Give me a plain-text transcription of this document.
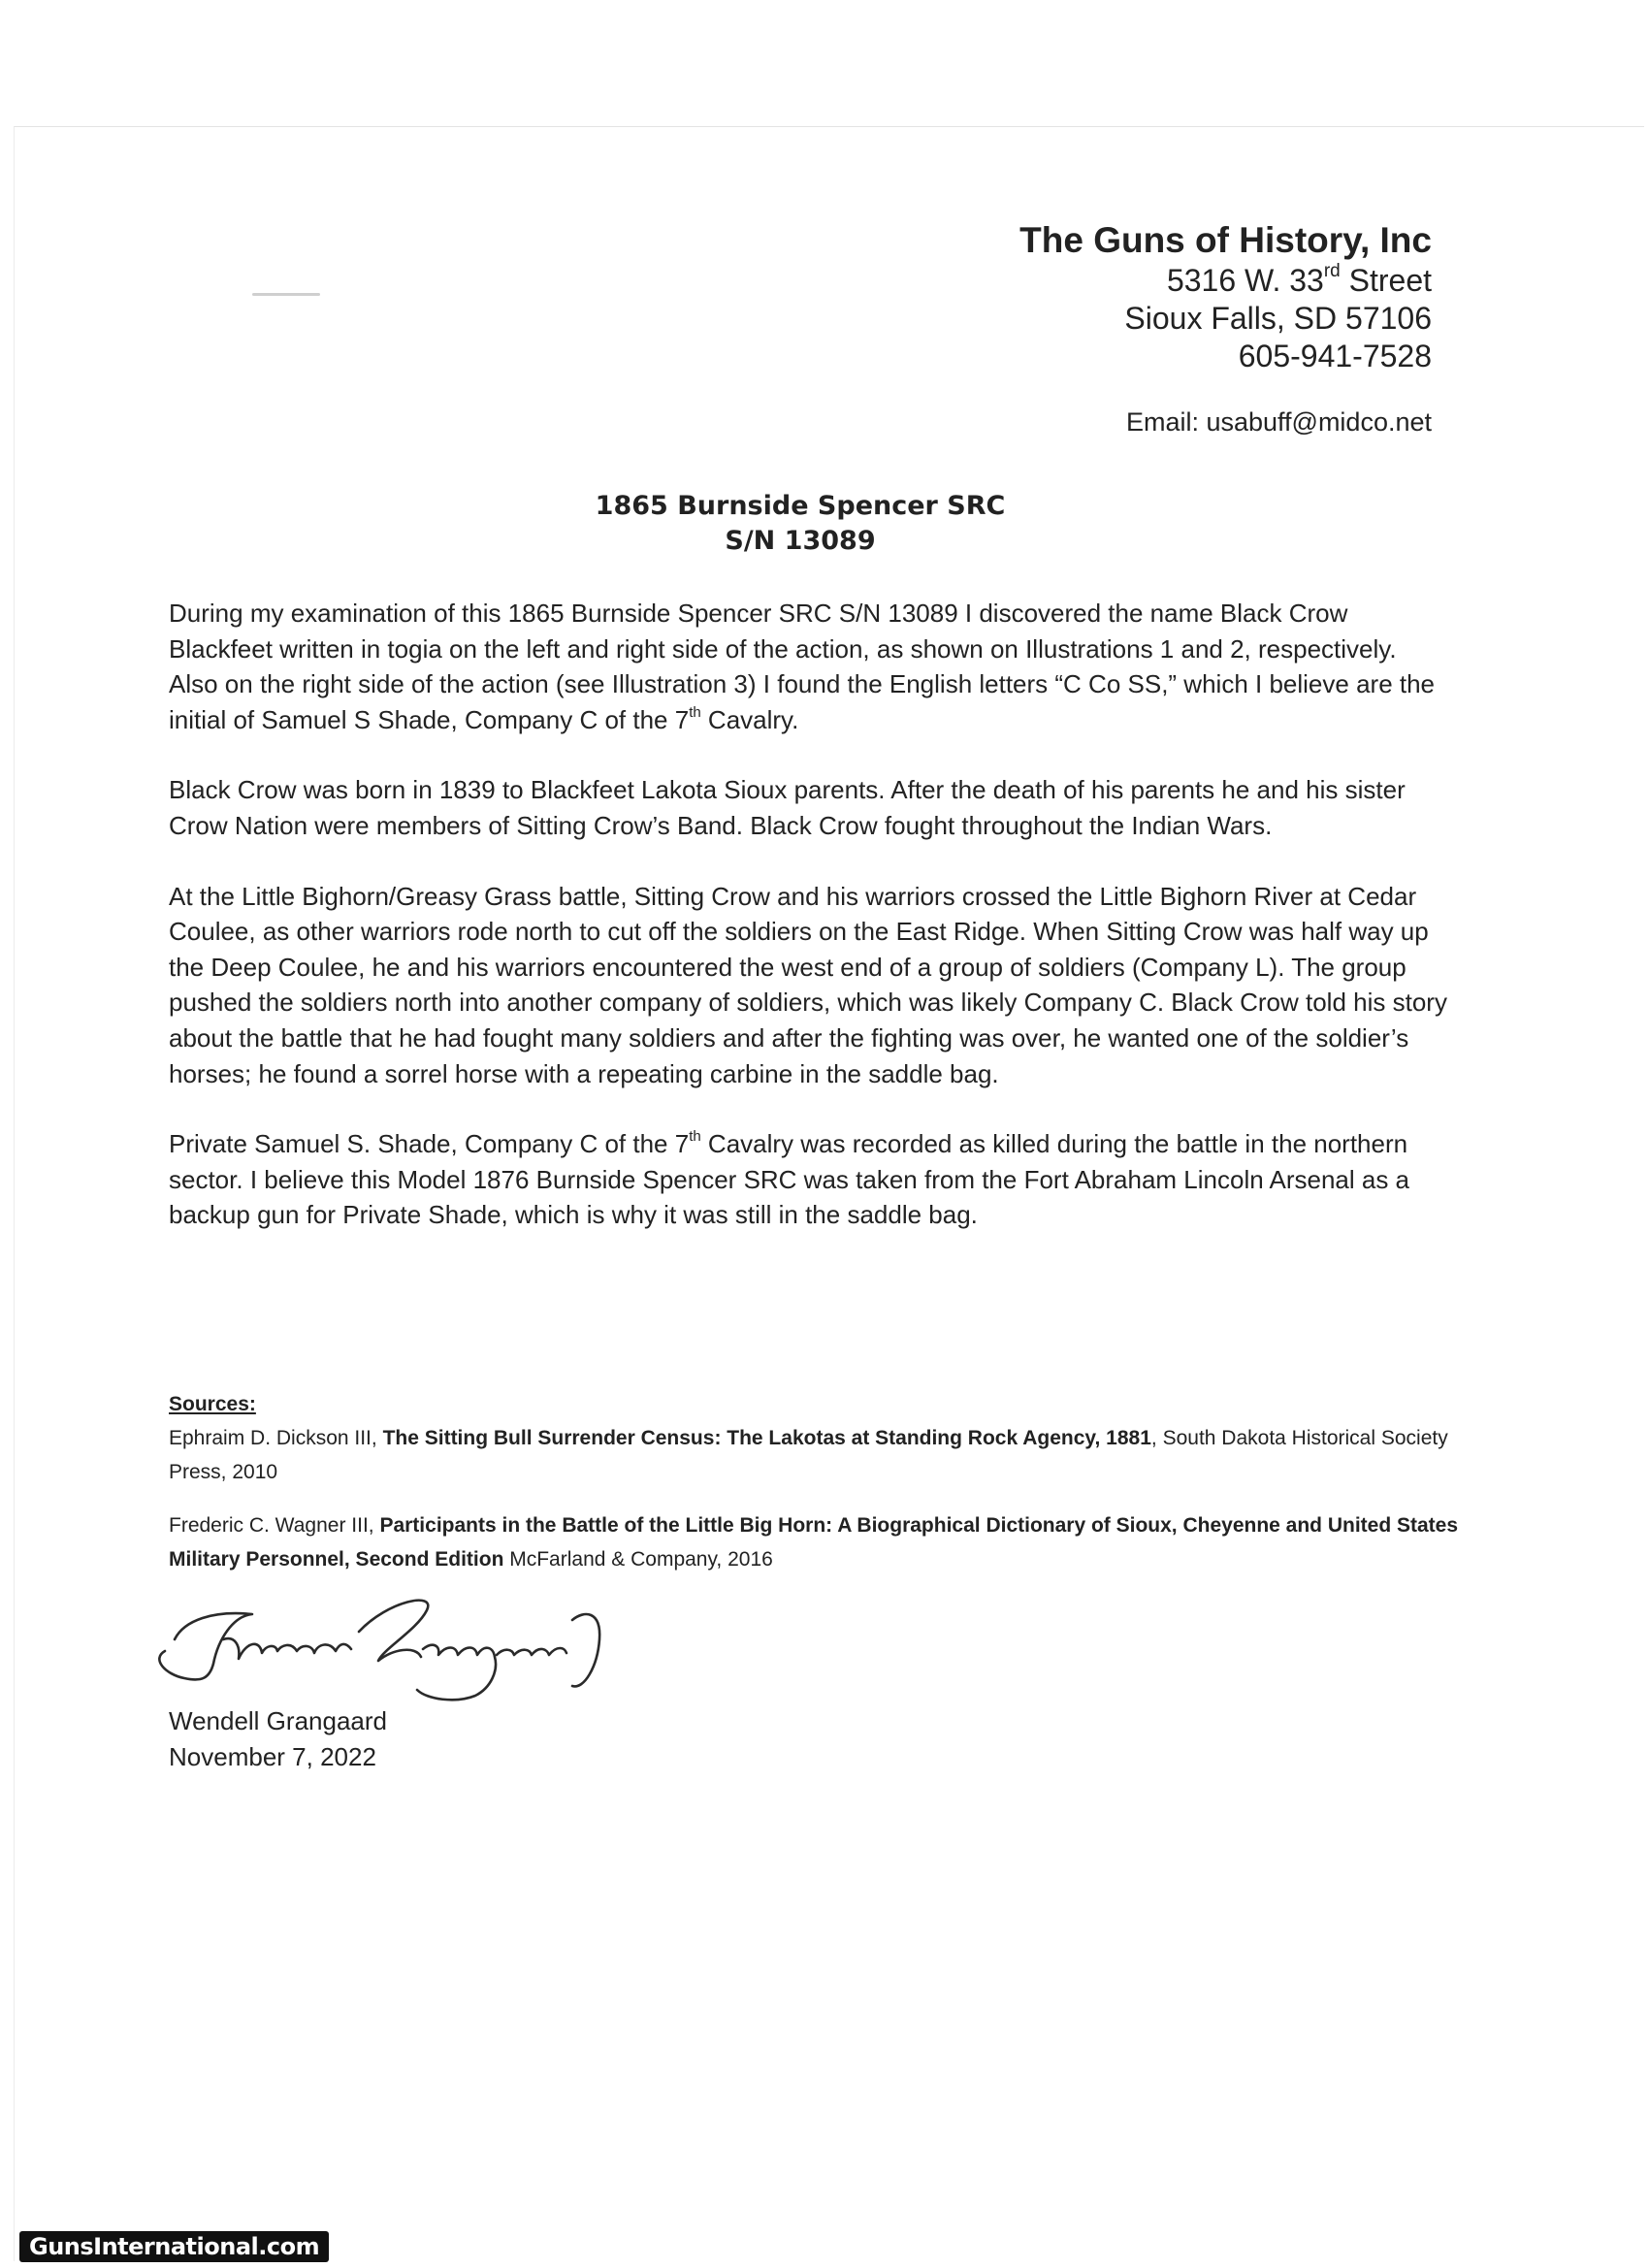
The Guns of History, Inc
5316 W. 33rd Street
Sioux Falls, SD 57106
605-941-7528
Email: usabuff@midco.net
1865 Burnside Spencer SRC
S/N 13089

During my examination of this 1865 Burnside Spencer SRC S/N 13089 I discovered the name Black Crow Blackfeet written in togia on the left and right side of the action, as shown on Illustrations 1 and 2, respectively. Also on the right side of the action (see Illustration 3) I found the English letters “C Co SS,” which I believe are the initial of Samuel S Shade, Company C of the 7th Cavalry.

Black Crow was born in 1839 to Blackfeet Lakota Sioux parents. After the death of his parents he and his sister Crow Nation were members of Sitting Crow’s Band. Black Crow fought throughout the Indian Wars.

At the Little Bighorn/Greasy Grass battle, Sitting Crow and his warriors crossed the Little Bighorn River at Cedar Coulee, as other warriors rode north to cut off the soldiers on the East Ridge. When Sitting Crow was half way up the Deep Coulee, he and his warriors encountered the west end of a group of soldiers (Company L). The group pushed the soldiers north into another company of soldiers, which was likely Company C. Black Crow told his story about the battle that he had fought many soldiers and after the fighting was over, he wanted one of the soldier’s horses; he found a sorrel horse with a repeating carbine in the saddle bag.

Private Samuel S. Shade, Company C of the 7th Cavalry was recorded as killed during the battle in the northern sector. I believe this Model 1876 Burnside Spencer SRC was taken from the Fort Abraham Lincoln Arsenal as a backup gun for Private Shade, which is why it was still in the saddle bag.

Sources:

Ephraim D. Dickson III, The Sitting Bull Surrender Census: The Lakotas at Standing Rock Agency, 1881, South Dakota Historical Society Press, 2010

Frederic C. Wagner III, Participants in the Battle of the Little Big Horn: A Biographical Dictionary of Sioux, Cheyenne and United States Military Personnel, Second Edition McFarland & Company, 2016

Wendell Grangaard
November 7, 2022
GunsInternational.com
